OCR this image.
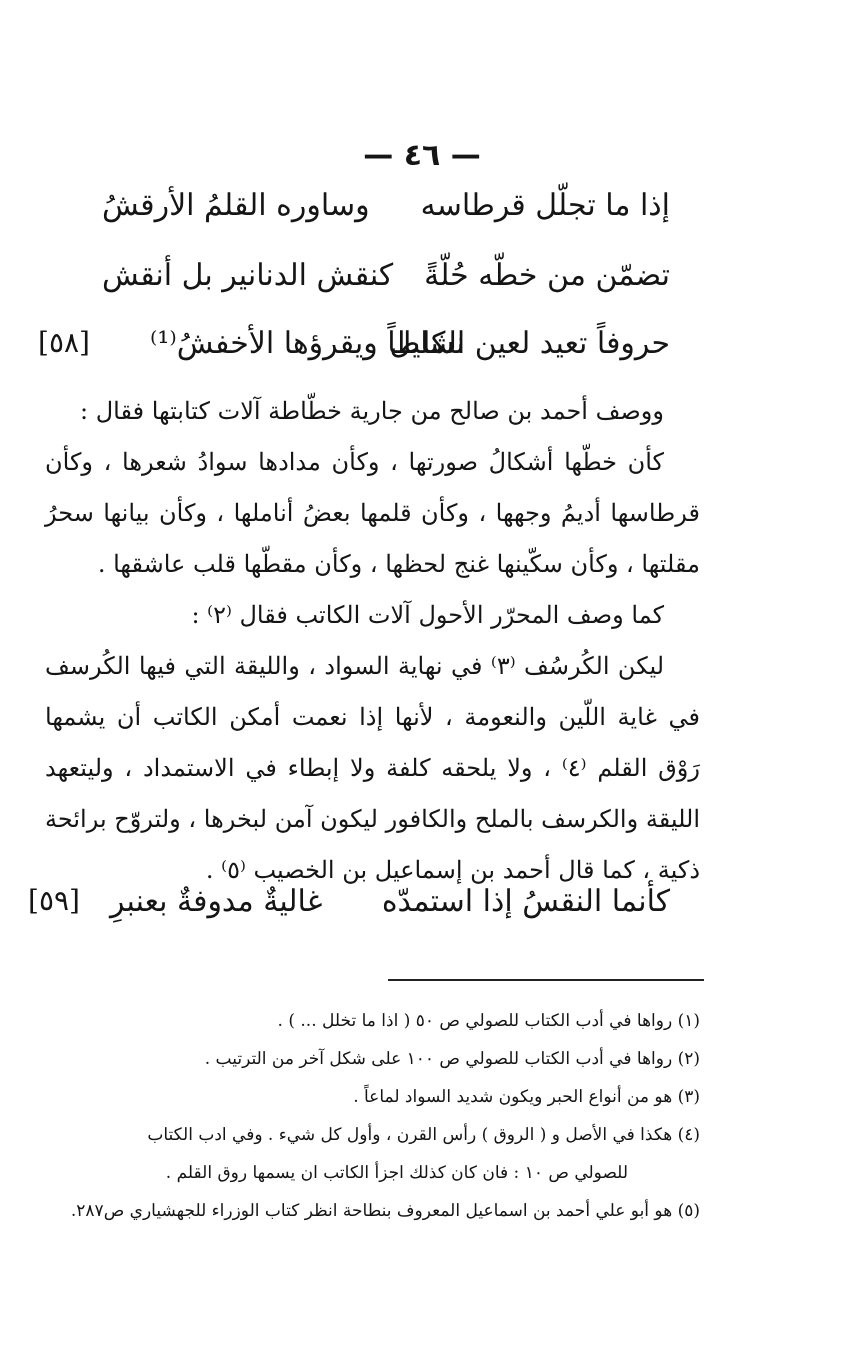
— ٤٦ —
إذا ما تجلّل قرطاسه
وساوره القلمُ الأرقشُ
تضمّن من خطّه حُلّةً
كنقش الدنانير بل أنقش
حروفاً تعيد لعين الكليل
نشاطاً ويقرؤها الأخفشُ⁽¹⁾
[٥٨]

ووصف أحمد بن صالح من جارية خطّاطة آلات كتابتها فقال :

كأن خطّها أشكالُ صورتها ، وكأن مدادها سوادُ شعرها ، وكأن قرطاسها أديمُ وجهها ، وكأن قلمها بعضُ أناملها ، وكأن بيانها سحرُ مقلتها ، وكأن سكّينها غنج لحظها ، وكأن مقطّها قلب عاشقها .

كما وصف المحرّر الأحول آلات الكاتب فقال ⁽٢⁾ :

ليكن الكُرسُف ⁽٣⁾ في نهاية السواد ، والليقة التي فيها الكُرسف في غاية اللّين والنعومة ، لأنها إذا نعمت أمكن الكاتب أن يشمها رَوْق القلم ⁽٤⁾ ، ولا يلحقه كلفة ولا إبطاء في الاستمداد ، وليتعهد الليقة والكرسف بالملح والكافور ليكون آمن لبخرها ، ولتروّح برائحة ذكية ، كما قال أحمد بن إسماعيل بن الخصيب ⁽٥⁾ .

كأنما النقسُ إذا استمدّه
غاليةٌ مدوفةٌ بعنبرِ
[٥٩]

(١) رواها في أدب الكتاب للصولي ص ٥٠ ( اذا ما تخلل ... ) .

(٢) رواها في أدب الكتاب للصولي ص ١٠٠ على شكل آخر من الترتيب .

(٣) هو من أنواع الحبر ويكون شديد السواد لماعاً .

(٤) هكذا في الأصل و ( الروق ) رأس القرن ، وأول كل شيء . وفي ادب الكتاب

للصولي ص ١٠ : فان كان كذلك اجزأ الكاتب ان يسمها روق القلم .

(٥) هو أبو علي أحمد بن اسماعيل المعروف بنطاحة انظر كتاب الوزراء للجهشياري ص٢٨٧.
